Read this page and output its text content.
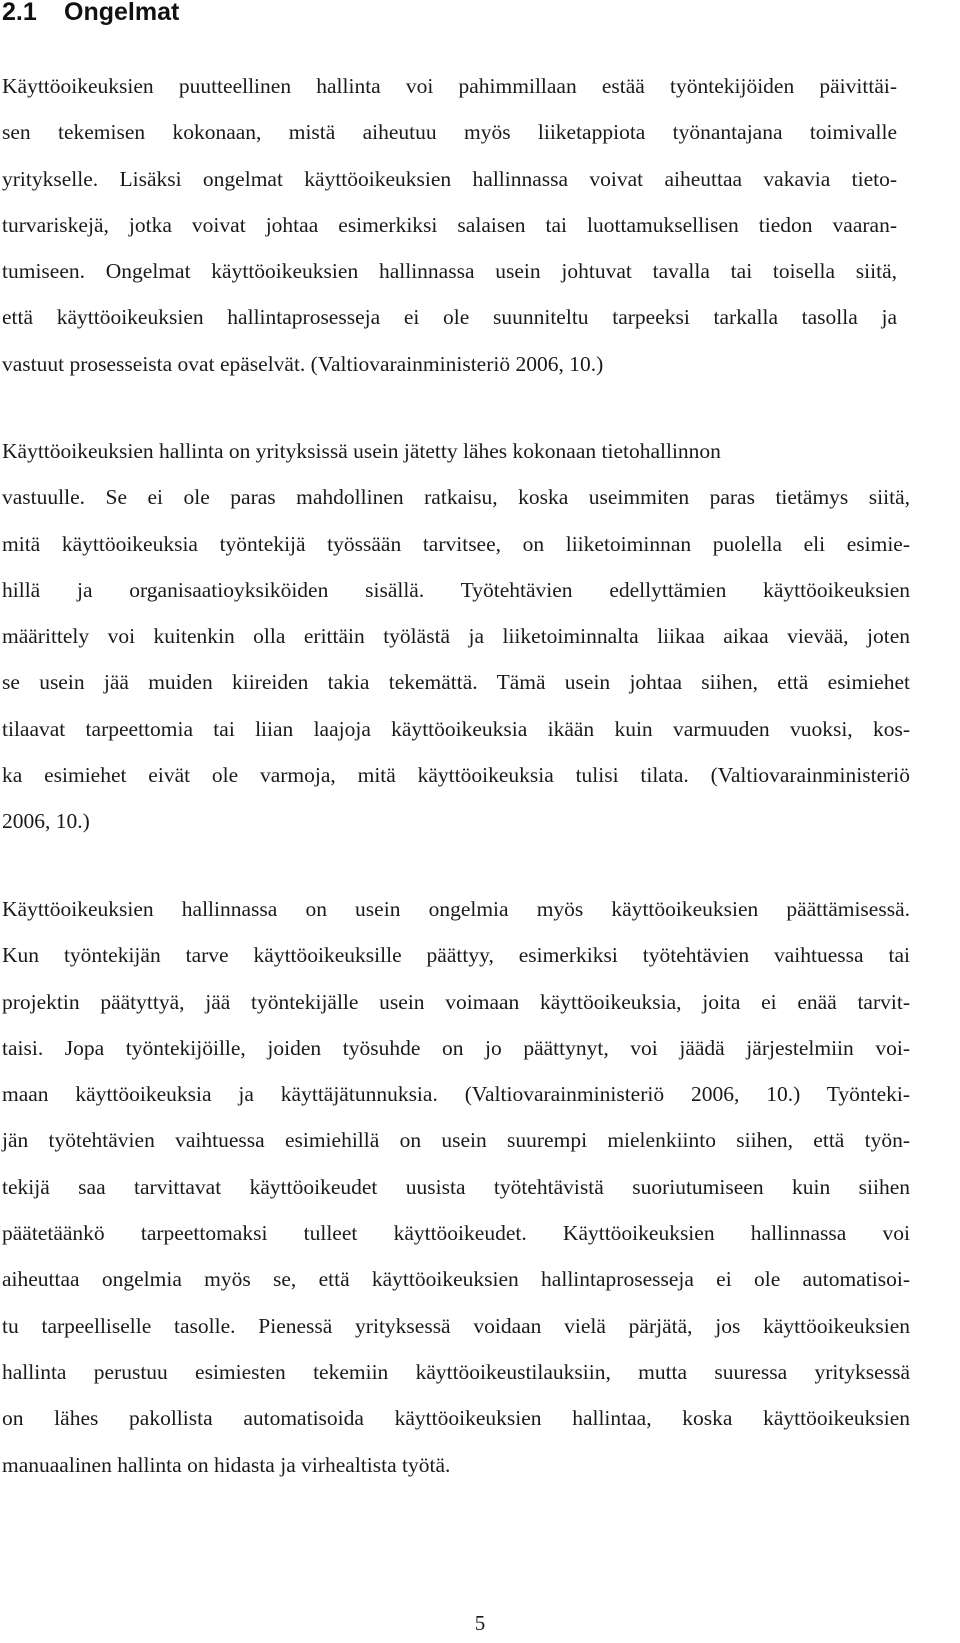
2.1 Ongelmat

Käyttöoikeuksien puutteellinen hallinta voi pahimmillaan estää työntekijöiden päivittäi-
sen tekemisen kokonaan, mistä aiheutuu myös liiketappiota työnantajana toimivalle
yritykselle. Lisäksi ongelmat käyttöoikeuksien hallinnassa voivat aiheuttaa vakavia tieto-
turvariskejä, jotka voivat johtaa esimerkiksi salaisen tai luottamuksellisen tiedon vaaran-
tumiseen. Ongelmat käyttöoikeuksien hallinnassa usein johtuvat tavalla tai toisella siitä,
että käyttöoikeuksien hallintaprosesseja ei ole suunniteltu tarpeeksi tarkalla tasolla ja
vastuut prosesseista ovat epäselvät. (Valtiovarainministeriö 2006, 10.)

Käyttöoikeuksien hallinta on yrityksissä usein jätetty lähes kokonaan tietohallinnon
vastuulle. Se ei ole paras mahdollinen ratkaisu, koska useimmiten paras tietämys siitä,
mitä käyttöoikeuksia työntekijä työssään tarvitsee, on liiketoiminnan puolella eli esimie-
hillä ja organisaatioyksiköiden sisällä. Työtehtävien edellyttämien käyttöoikeuksien
määrittely voi kuitenkin olla erittäin työlästä ja liiketoiminnalta liikaa aikaa vievää, joten
se usein jää muiden kiireiden takia tekemättä. Tämä usein johtaa siihen, että esimiehet
tilaavat tarpeettomia tai liian laajoja käyttöoikeuksia ikään kuin varmuuden vuoksi, kos-
ka esimiehet eivät ole varmoja, mitä käyttöoikeuksia tulisi tilata. (Valtiovarainministeriö
2006, 10.)

Käyttöoikeuksien hallinnassa on usein ongelmia myös käyttöoikeuksien päättämisessä.
Kun työntekijän tarve käyttöoikeuksille päättyy, esimerkiksi työtehtävien vaihtuessa tai
projektin päätyttyä, jää työntekijälle usein voimaan käyttöoikeuksia, joita ei enää tarvit-
taisi. Jopa työntekijöille, joiden työsuhde on jo päättynyt, voi jäädä järjestelmiin voi-
maan käyttöoikeuksia ja käyttäjätunnuksia. (Valtiovarainministeriö 2006, 10.) Työnteki-
jän työtehtävien vaihtuessa esimiehillä on usein suurempi mielenkiinto siihen, että työn-
tekijä saa tarvittavat käyttöoikeudet uusista työtehtävistä suoriutumiseen kuin siihen
päätetäänkö tarpeettomaksi tulleet käyttöoikeudet. Käyttöoikeuksien hallinnassa voi
aiheuttaa ongelmia myös se, että käyttöoikeuksien hallintaprosesseja ei ole automatisoi-
tu tarpeelliselle tasolle. Pienessä yrityksessä voidaan vielä pärjätä, jos käyttöoikeuksien
hallinta perustuu esimiesten tekemiin käyttöoikeustilauksiin, mutta suuressa yrityksessä
on lähes pakollista automatisoida käyttöoikeuksien hallintaa, koska käyttöoikeuksien
manuaalinen hallinta on hidasta ja virhealtista työtä.

5
